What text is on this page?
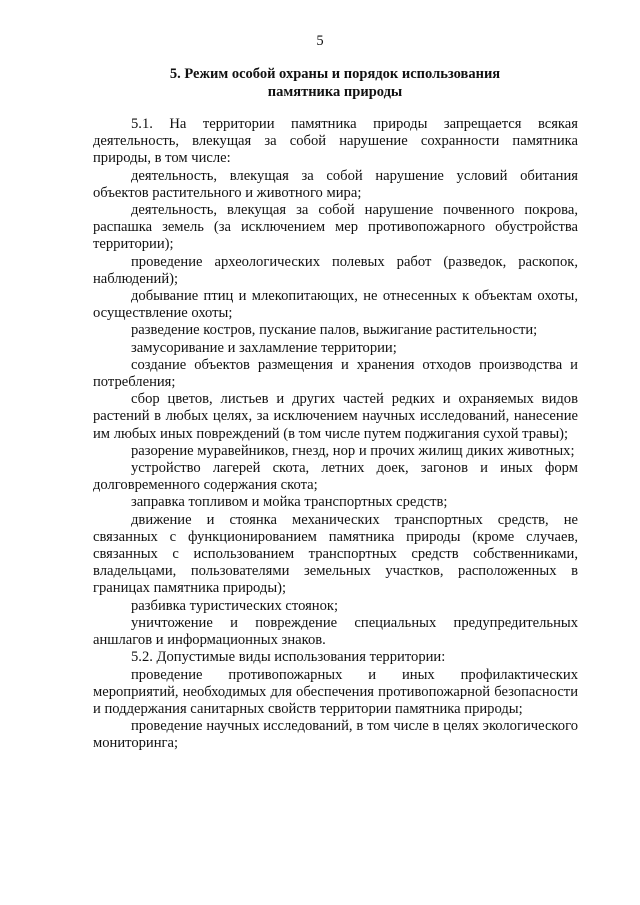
5
5. Режим особой охраны и порядок использования
памятника природы

5.1. На территории памятника природы запрещается всякая деятельность, влекущая за собой нарушение сохранности памятника природы, в том числе:

деятельность, влекущая за собой нарушение условий обитания объектов растительного и животного мира;

деятельность, влекущая за собой нарушение почвенного покрова, распашка земель (за исключением мер противопожарного обустройства территории);

проведение археологических полевых работ (разведок, раскопок, наблюдений);

добывание птиц и млекопитающих, не отнесенных к объектам охоты, осуществление охоты;

разведение костров, пускание палов, выжигание растительности;

замусоривание и захламление территории;

создание объектов размещения и хранения отходов производства и потребления;

сбор цветов, листьев и других частей редких и охраняемых видов растений в любых целях, за исключением научных исследований, нанесение им любых иных повреждений (в том числе путем поджигания сухой травы);

разорение муравейников, гнезд, нор и прочих жилищ диких животных;

устройство лагерей скота, летних доек, загонов и иных форм долговременного содержания скота;

заправка топливом и мойка транспортных средств;

движение и стоянка механических транспортных средств, не связанных с функционированием памятника природы (кроме случаев, связанных с использованием транспортных средств собственниками, владельцами, пользователями земельных участков, расположенных в границах памятника природы);

разбивка туристических стоянок;

уничтожение и повреждение специальных предупредительных аншлагов и информационных знаков.

5.2. Допустимые виды использования территории:

проведение противопожарных и иных профилактических мероприятий, необходимых для обеспечения противопожарной безопасности и поддержания санитарных свойств территории памятника природы;

проведение научных исследований, в том числе в целях экологического мониторинга;
